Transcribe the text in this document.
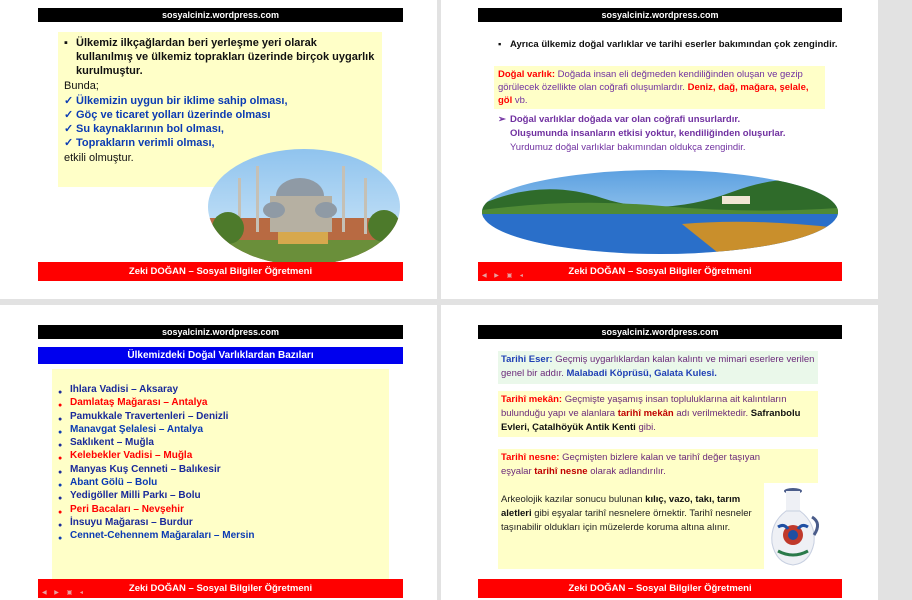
sosyalciniz.wordpress.com
▪ Ülkemiz ilkçağlardan beri yerleşme yeri olarak kullanılmış ve ülkemiz toprakları üzerinde birçok uygarlık kurulmuştur.
Bunda;
✓ Ülkemizin uygun bir iklime sahip olması,
✓ Göç ve ticaret yolları üzerinde olması
✓ Su kaynaklarının bol olması,
✓ Toprakların verimli olması,
etkili olmuştur.
Zeki DOĞAN – Sosyal Bilgiler Öğretmeni
sosyalciniz.wordpress.com
▪ Ayrıca ülkemiz doğal varlıklar ve tarihi eserler bakımından çok zengindir.
Doğal varlık: Doğada insan eli değmeden kendiliğinden oluşan ve gezip görülecek özellikte olan coğrafi oluşumlardır. Deniz, dağ, mağara, şelale, göl vb.
➢ Doğal varlıklar doğada var olan coğrafi unsurlardır.
Oluşumunda insanların etkisi yoktur, kendiliğinden oluşurlar.
Yurdumuz doğal varlıklar bakımından oldukça zengindir.
Zeki DOĞAN – Sosyal Bilgiler Öğretmeni
◀ ▶ ▣ ◂
sosyalciniz.wordpress.com
Ülkemizdeki Doğal Varlıklardan Bazıları
● Ihlara Vadisi – Aksaray
● Damlataş Mağarası – Antalya
● Pamukkale Travertenleri – Denizli
● Manavgat Şelalesi – Antalya
● Saklıkent – Muğla
● Kelebekler Vadisi – Muğla
● Manyas Kuş Cenneti – Balıkesir
● Abant Gölü – Bolu
● Yedigöller Milli Parkı – Bolu
● Peri Bacaları – Nevşehir
● İnsuyu Mağarası – Burdur
● Cennet-Cehennem Mağaraları – Mersin
Zeki DOĞAN – Sosyal Bilgiler Öğretmeni
◀ ▶ ▣ ◂
sosyalciniz.wordpress.com
Tarihi Eser: Geçmiş uygarlıklardan kalan kalıntı ve mimari eserlere verilen genel bir addır. Malabadi Köprüsü, Galata Kulesi.
Tarihî mekân: Geçmişte yaşamış insan topluluklarına ait kalıntıların bulunduğu yapı ve alanlara tarihî mekân adı verilmektedir. Safranbolu Evleri, Çatalhöyük Antik Kenti gibi.
Tarihî nesne: Geçmişten bizlere kalan ve tarihî değer taşıyan eşyalar tarihî nesne olarak adlandırılır.
Arkeolojik kazılar sonucu bulunan kılıç, vazo, takı, tarım aletleri gibi eşyalar tarihî nesnelere örnektir. Tarihî nesneler taşınabilir oldukları için müzelerde koruma altına alınır.
Zeki DOĞAN – Sosyal Bilgiler Öğretmeni
